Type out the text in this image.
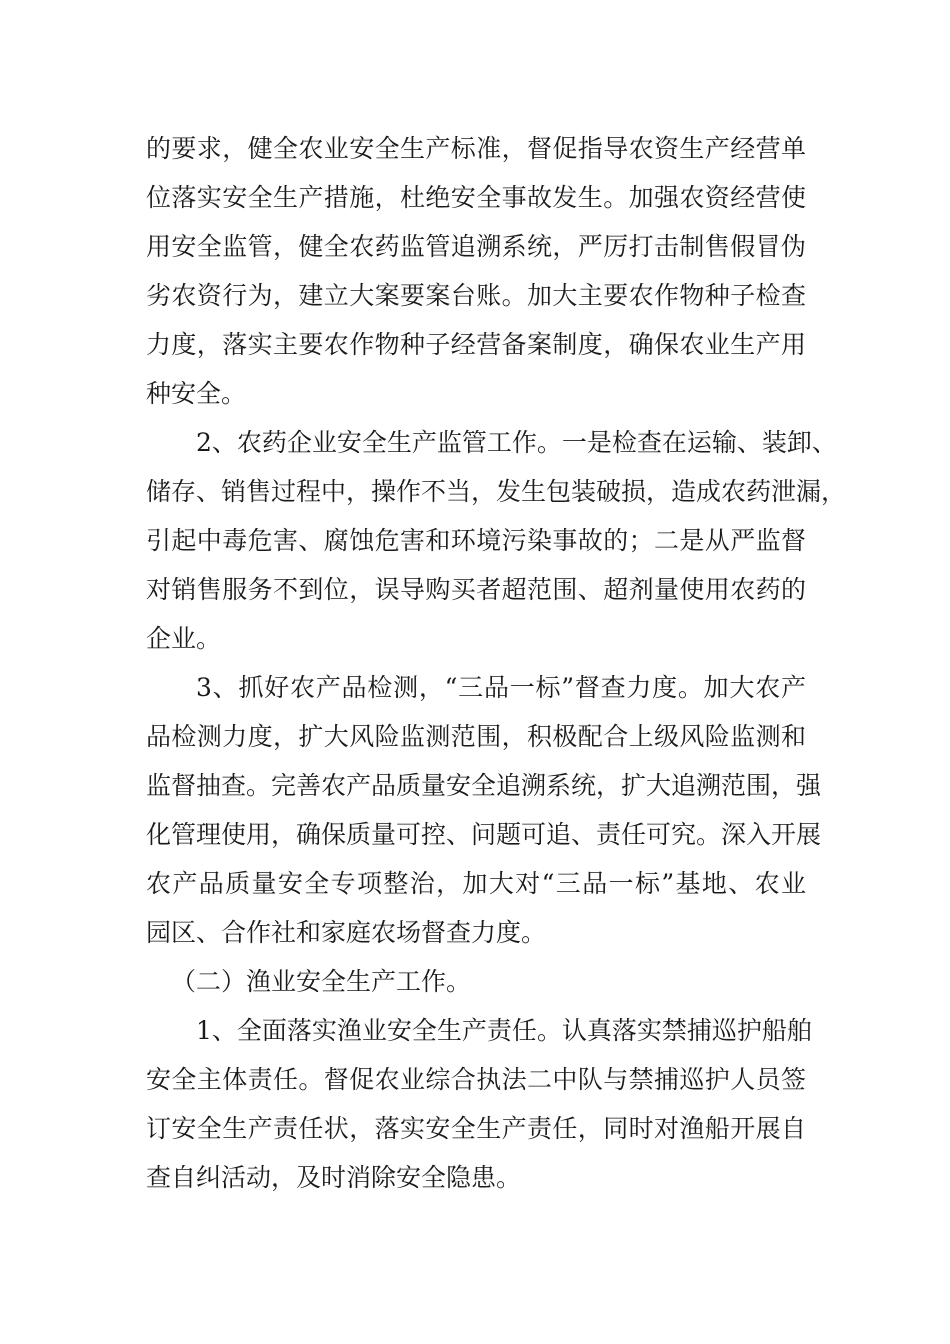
的要求，健全农业安全生产标准，督促指导农资生产经营单
位落实安全生产措施，杜绝安全事故发生。加强农资经营使
用安全监管，健全农药监管追溯系统，严厉打击制售假冒伪
劣农资行为，建立大案要案台账。加大主要农作物种子检查
力度，落实主要农作物种子经营备案制度，确保农业生产用
种安全。
2、农药企业安全生产监管工作。一是检查在运输、装卸、
储存、销售过程中，操作不当，发生包装破损，造成农药泄漏，
引起中毒危害、腐蚀危害和环境污染事故的；二是从严监督
对销售服务不到位，误导购买者超范围、超剂量使用农药的
企业。
3、抓好农产品检测，“三品一标”督查力度。加大农产
品检测力度，扩大风险监测范围，积极配合上级风险监测和
监督抽查。完善农产品质量安全追溯系统，扩大追溯范围，强
化管理使用，确保质量可控、问题可追、责任可究。深入开展
农产品质量安全专项整治，加大对“三品一标”基地、农业
园区、合作社和家庭农场督查力度。
（二）渔业安全生产工作。
1、全面落实渔业安全生产责任。认真落实禁捕巡护船舶
安全主体责任。督促农业综合执法二中队与禁捕巡护人员签
订安全生产责任状，落实安全生产责任，同时对渔船开展自
查自纠活动，及时消除安全隐患。
